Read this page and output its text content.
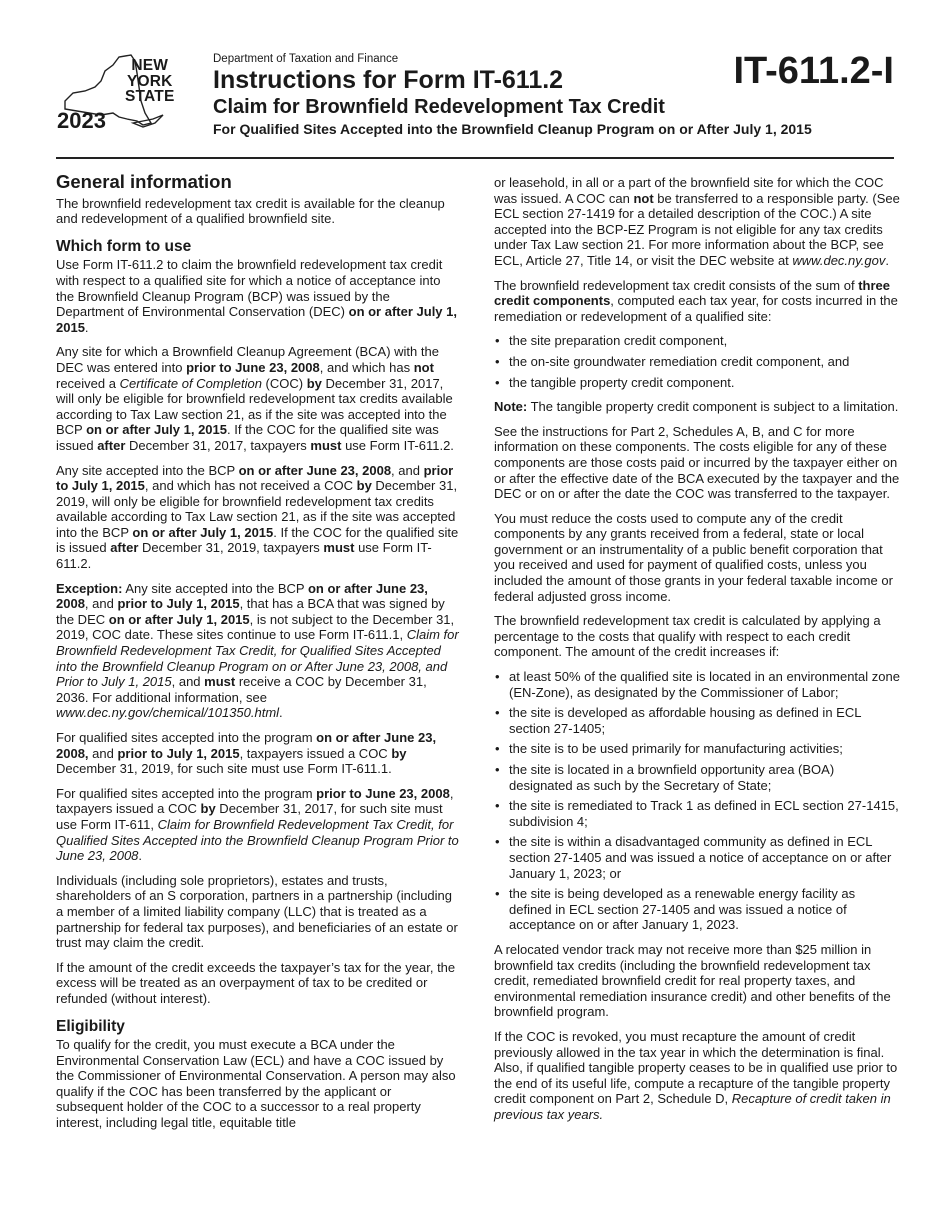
NEW
YORK
STATE
2023
Department of Taxation and Finance
Instructions for Form IT-611.2
Claim for Brownfield Redevelopment Tax Credit
For Qualified Sites Accepted into the Brownfield Cleanup Program on or After July 1, 2015
IT-611.2-I
General information

The brownfield redevelopment tax credit is available for the cleanup and redevelopment of a qualified brownfield site.

Which form to use

Use Form IT-611.2 to claim the brownfield redevelopment tax credit with respect to a qualified site for which a notice of acceptance into the Brownfield Cleanup Program (BCP) was issued by the Department of Environmental Conservation (DEC) on or after July 1, 2015.

Any site for which a Brownfield Cleanup Agreement (BCA) with the DEC was entered into prior to June 23, 2008, and which has not received a Certificate of Completion (COC) by December 31, 2017, will only be eligible for brownfield redevelopment tax credits available according to Tax Law section 21, as if the site was accepted into the BCP on or after July 1, 2015. If the COC for the qualified site was issued after December 31, 2017, taxpayers must use Form IT-611.2.

Any site accepted into the BCP on or after June 23, 2008, and prior to July 1, 2015, and which has not received a COC by December 31, 2019, will only be eligible for brownfield redevelopment tax credits available according to Tax Law section 21, as if the site was accepted into the BCP on or after July 1, 2015. If the COC for the qualified site is issued after December 31, 2019, taxpayers must use Form IT-611.2.

Exception: Any site accepted into the BCP on or after June 23, 2008, and prior to July 1, 2015, that has a BCA that was signed by the DEC on or after July 1, 2015, is not subject to the December 31, 2019, COC date. These sites continue to use Form IT-611.1, Claim for Brownfield Redevelopment Tax Credit, for Qualified Sites Accepted into the Brownfield Cleanup Program on or After June 23, 2008, and Prior to July 1, 2015, and must receive a COC by December 31, 2036. For additional information, see www.dec.ny.gov/chemical/101350.html.

For qualified sites accepted into the program on or after June 23, 2008, and prior to July 1, 2015, taxpayers issued a COC by December 31, 2019, for such site must use Form IT-611.1.

For qualified sites accepted into the program prior to June 23, 2008, taxpayers issued a COC by December 31, 2017, for such site must use Form IT-611, Claim for Brownfield Redevelopment Tax Credit, for Qualified Sites Accepted into the Brownfield Cleanup Program Prior to June 23, 2008.

Individuals (including sole proprietors), estates and trusts, shareholders of an S corporation, partners in a partnership (including a member of a limited liability company (LLC) that is treated as a partnership for federal tax purposes), and beneficiaries of an estate or trust may claim the credit.

If the amount of the credit exceeds the taxpayer’s tax for the year, the excess will be treated as an overpayment of tax to be credited or refunded (without interest).

Eligibility

To qualify for the credit, you must execute a BCA under the Environmental Conservation Law (ECL) and have a COC issued by the Commissioner of Environmental Conservation. A person may also qualify if the COC has been transferred by the applicant or subsequent holder of the COC to a successor to a real property interest, including legal title, equitable title

or leasehold, in all or a part of the brownfield site for which the COC was issued. A COC can not be transferred to a responsible party. (See ECL section 27-1419 for a detailed description of the COC.) A site accepted into the BCP-EZ Program is not eligible for any tax credits under Tax Law section 21. For more information about the BCP, see ECL, Article 27, Title 14, or visit the DEC website at www.dec.ny.gov.

The brownfield redevelopment tax credit consists of the sum of three credit components, computed each tax year, for costs incurred in the remediation or redevelopment of a qualified site:

• the site preparation credit component,
• the on-site groundwater remediation credit component, and
• the tangible property credit component.

Note: The tangible property credit component is subject to a limitation.

See the instructions for Part 2, Schedules A, B, and C for more information on these components. The costs eligible for any of these components are those costs paid or incurred by the taxpayer either on or after the effective date of the BCA executed by the taxpayer and the DEC or on or after the date the COC was transferred to the taxpayer.

You must reduce the costs used to compute any of the credit components by any grants received from a federal, state or local government or an instrumentality of a public benefit corporation that you received and used for payment of qualified costs, unless you included the amount of those grants in your federal taxable income or federal adjusted gross income.

The brownfield redevelopment tax credit is calculated by applying a percentage to the costs that qualify with respect to each credit component. The amount of the credit increases if:

• at least 50% of the qualified site is located in an environmental zone (EN-Zone), as designated by the Commissioner of Labor;
• the site is developed as affordable housing as defined in ECL section 27-1405;
• the site is to be used primarily for manufacturing activities;
• the site is located in a brownfield opportunity area (BOA) designated as such by the Secretary of State;
• the site is remediated to Track 1 as defined in ECL section 27-1415, subdivision 4;
• the site is within a disadvantaged community as defined in ECL section 27-1405 and was issued a notice of acceptance on or after January 1, 2023; or
• the site is being developed as a renewable energy facility as defined in ECL section 27-1405 and was issued a notice of acceptance on or after January 1, 2023.

A relocated vendor track may not receive more than $25 million in brownfield tax credits (including the brownfield redevelopment tax credit, remediated brownfield credit for real property taxes, and environmental remediation insurance credit) and other benefits of the brownfield program.

If the COC is revoked, you must recapture the amount of credit previously allowed in the tax year in which the determination is final. Also, if qualified tangible property ceases to be in qualified use prior to the end of its useful life, compute a recapture of the tangible property credit component on Part 2, Schedule D, Recapture of credit taken in previous tax years.
